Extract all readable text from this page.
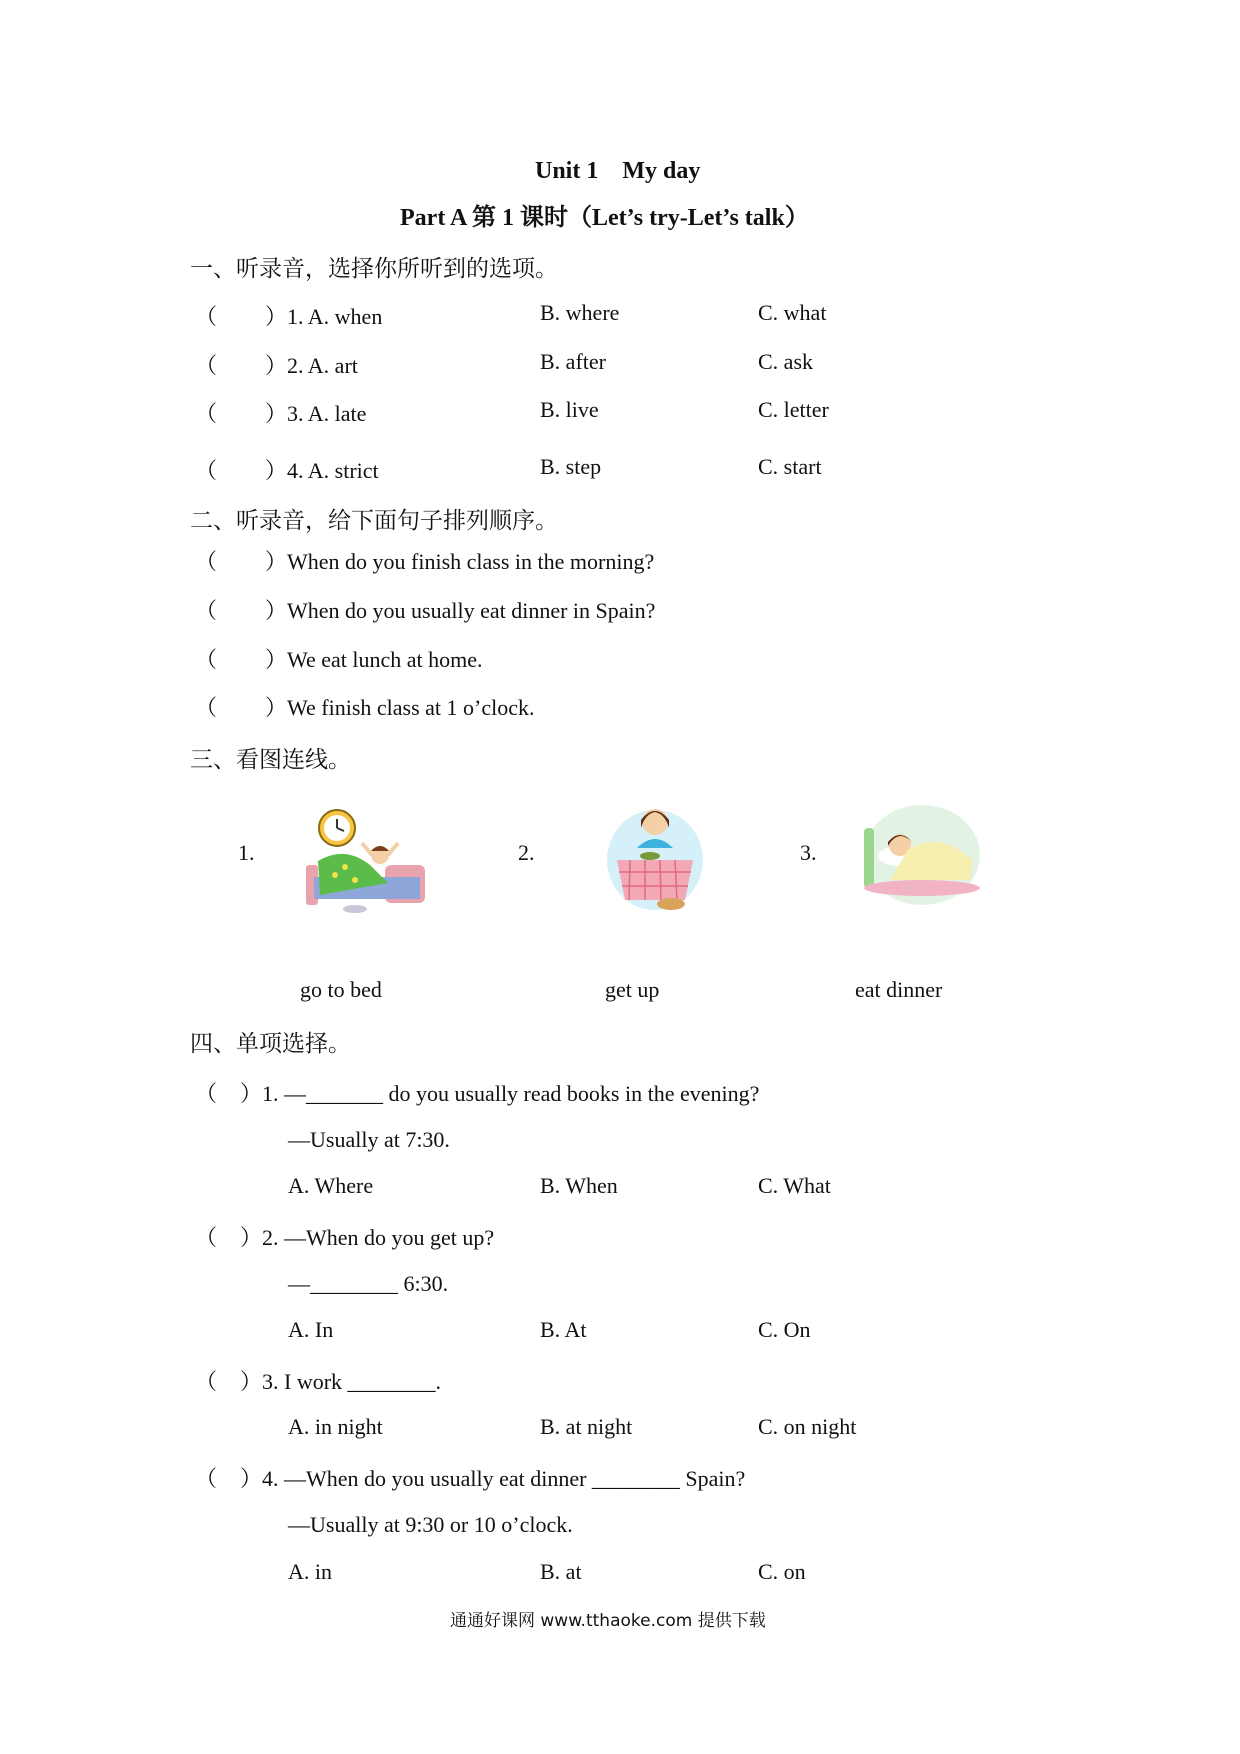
Unit 1　My day
Part A 第 1 课时（Let’s try-Let’s talk）
一、听录音，选择你所听到的选项。
（ ）1. A. when	B. where	C. what
（ ）2. A. art	B. after	C. ask
（ ）3. A. late	B. live	C. letter
（ ）4. A. strict	B. step	C. start
二、听录音，给下面句子排列顺序。
（ ）When do you finish class in the morning?
（ ）When do you usually eat dinner in Spain?
（ ）We eat lunch at home.
（ ）We finish class at 1 o’clock.
三、看图连线。
1.	2.	3.
go to bed	get up	eat dinner
四、单项选择。
（ ）1. —_______ do you usually read books in the evening?
—Usually at 7:30.
A. Where	B. When	C. What
（ ）2. —When do you get up?
—________ 6:30.
A. In	B. At	C. On
（ ）3. I work ________.
A. in night	B. at night	C. on night
（ ）4. —When do you usually eat dinner ________ Spain?
—Usually at 9:30 or 10 o’clock.
A. in	B. at	C. on
通通好课网 www.tthaoke.com 提供下载
